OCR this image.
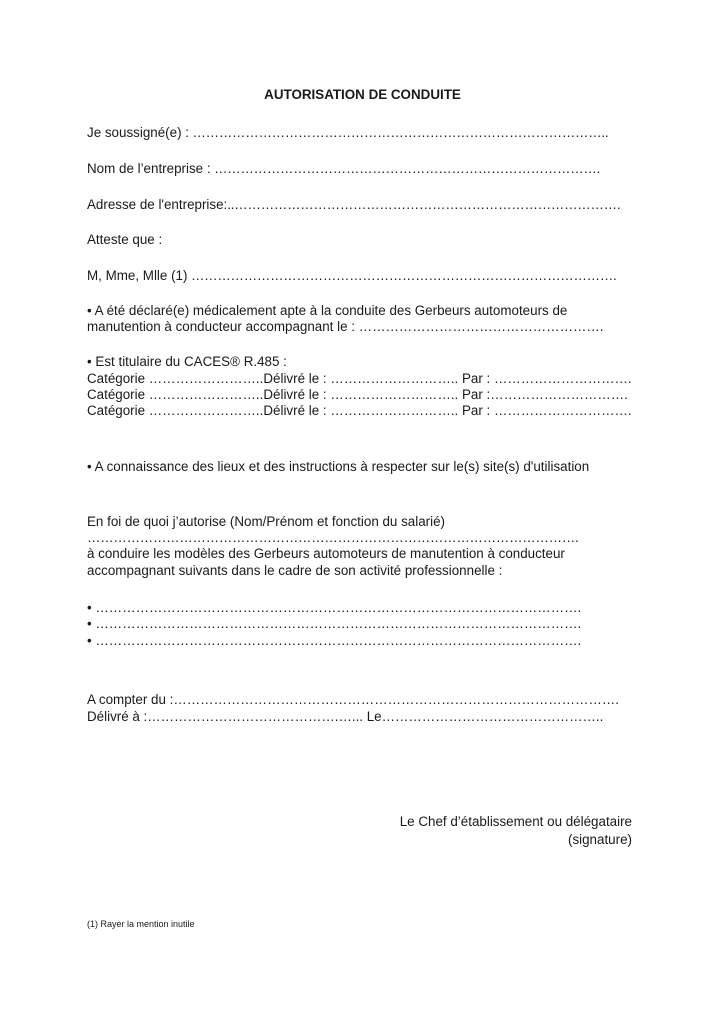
AUTORISATION DE CONDUITE
Je soussigné(e) : …………………………………………………………………………………..
Nom de l’entreprise : …………………………………………………………………………….
Adresse de l'entreprise:..…………………………………………………………………………….
Atteste que :
M, Mme, Mlle (1) …………………………………………………………………………………….
• A été déclaré(e) médicalement apte à la conduite des Gerbeurs automoteurs de
manutention à conducteur accompagnant le : ……………………………………………….
• Est titulaire du CACES® R.485 :
Catégorie ……………………..Délivré le : ……………………….. Par : ………………………….
Catégorie ……………………..Délivré le : ……………………….. Par :………………………….
Catégorie ……………………..Délivré le : ……………………….. Par : ………………………….
• A connaissance des lieux et des instructions à respecter sur le(s) site(s) d'utilisation
En foi de quoi j’autorise (Nom/Prénom et fonction du salarié)
………………………………………………………………………………………………….
à conduire les modèles des Gerbeurs automoteurs de manutention à conducteur
accompagnant suivants dans le cadre de son activité professionnelle :
• ……………………………………………………………………………………………….
• ……………………………………………………………………………………………….
• ……………………………………………………………………………………………….
A compter du :……………………………………………………………………………………….
Délivré à :…………………………………….…... Le…………………………………………..
Le Chef d’établissement ou délégataire
(signature)
(1) Rayer la mention inutile
